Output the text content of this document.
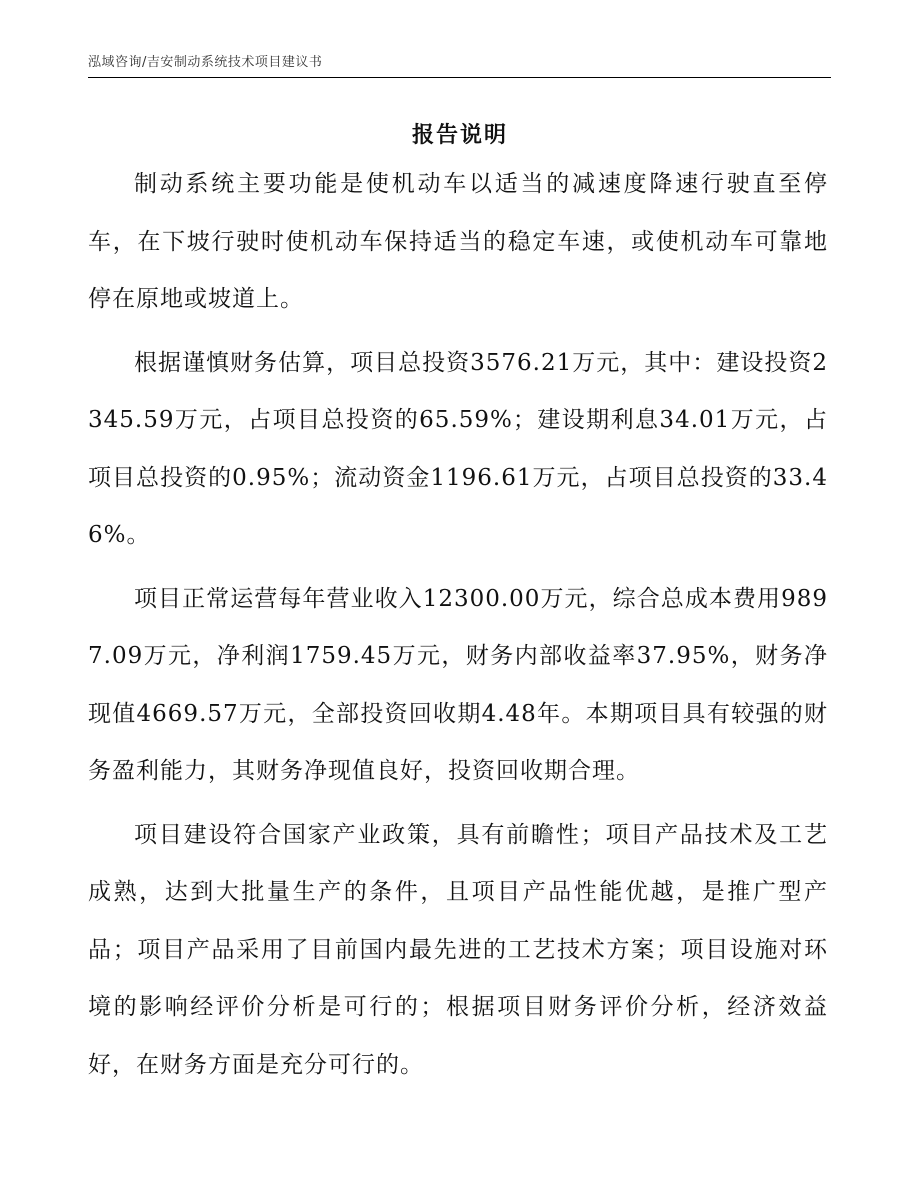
泓域咨询/吉安制动系统技术项目建议书
报告说明

制动系统主要功能是使机动车以适当的减速度降速行驶直至停车，在下坡行驶时使机动车保持适当的稳定车速，或使机动车可靠地停在原地或坡道上。

根据谨慎财务估算，项目总投资3576.21万元，其中：建设投资2345.59万元，占项目总投资的65.59%；建设期利息34.01万元，占项目总投资的0.95%；流动资金1196.61万元，占项目总投资的33.46%。

项目正常运营每年营业收入12300.00万元，综合总成本费用9897.09万元，净利润1759.45万元，财务内部收益率37.95%，财务净现值4669.57万元，全部投资回收期4.48年。本期项目具有较强的财务盈利能力，其财务净现值良好，投资回收期合理。

项目建设符合国家产业政策，具有前瞻性；项目产品技术及工艺成熟，达到大批量生产的条件，且项目产品性能优越，是推广型产品；项目产品采用了目前国内最先进的工艺技术方案；项目设施对环境的影响经评价分析是可行的；根据项目财务评价分析，经济效益好，在财务方面是充分可行的。
